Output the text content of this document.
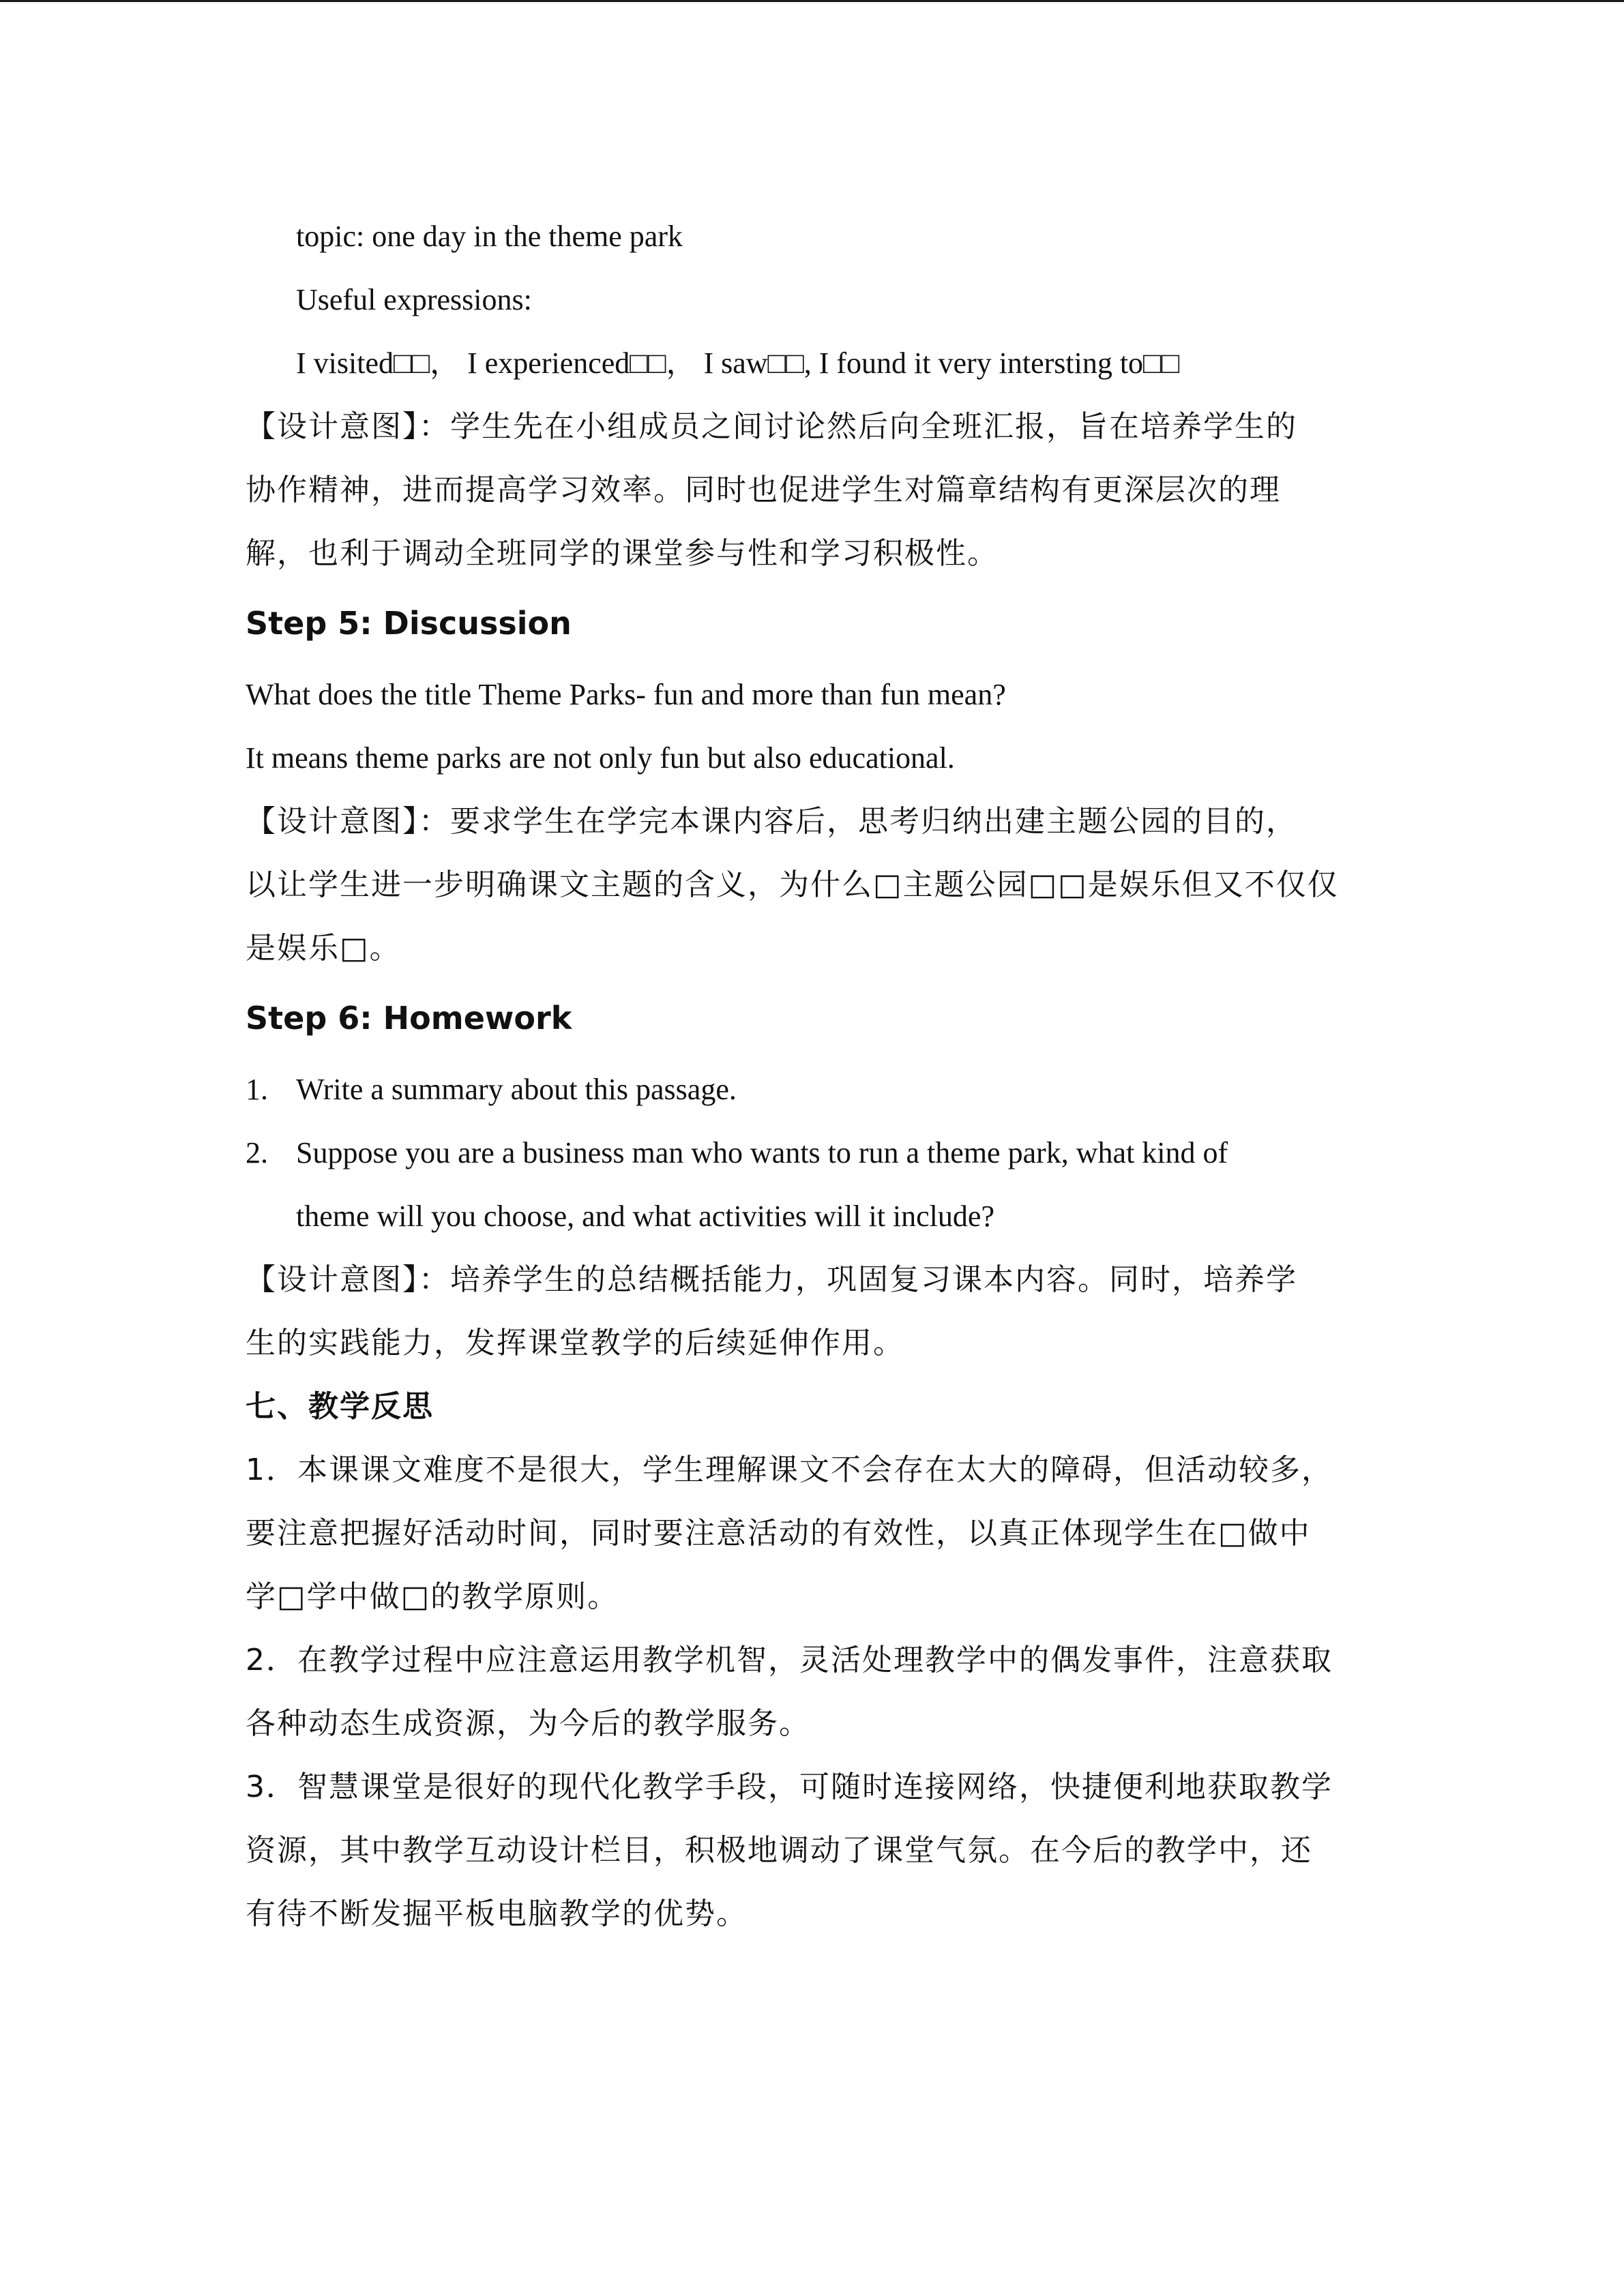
topic: one day in the theme park
Useful expressions:
I visited□□， I experienced□□， I saw□□, I found it very intersting to□□
【设计意图】：学生先在小组成员之间讨论然后向全班汇报，旨在培养学生的
协作精神，进而提高学习效率。同时也促进学生对篇章结构有更深层次的理
解，也利于调动全班同学的课堂参与性和学习积极性。
Step 5: Discussion
What does the title Theme Parks- fun and more than fun mean?
It means theme parks are not only fun but also educational.
【设计意图】：要求学生在学完本课内容后，思考归纳出建主题公园的目的，
以让学生进一步明确课文主题的含义，为什么□主题公园□□是娱乐但又不仅仅
是娱乐□。
Step 6: Homework
1. Write a summary about this passage.
2. Suppose you are a business man who wants to run a theme park, what kind of
theme will you choose, and what activities will it include?
【设计意图】：培养学生的总结概括能力，巩固复习课本内容。同时，培养学
生的实践能力，发挥课堂教学的后续延伸作用。
七、教学反思
1．本课课文难度不是很大，学生理解课文不会存在太大的障碍，但活动较多，
要注意把握好活动时间，同时要注意活动的有效性，以真正体现学生在□做中
学□学中做□的教学原则。
2．在教学过程中应注意运用教学机智，灵活处理教学中的偶发事件，注意获取
各种动态生成资源，为今后的教学服务。
3．智慧课堂是很好的现代化教学手段，可随时连接网络，快捷便利地获取教学
资源，其中教学互动设计栏目，积极地调动了课堂气氛。在今后的教学中，还
有待不断发掘平板电脑教学的优势。
